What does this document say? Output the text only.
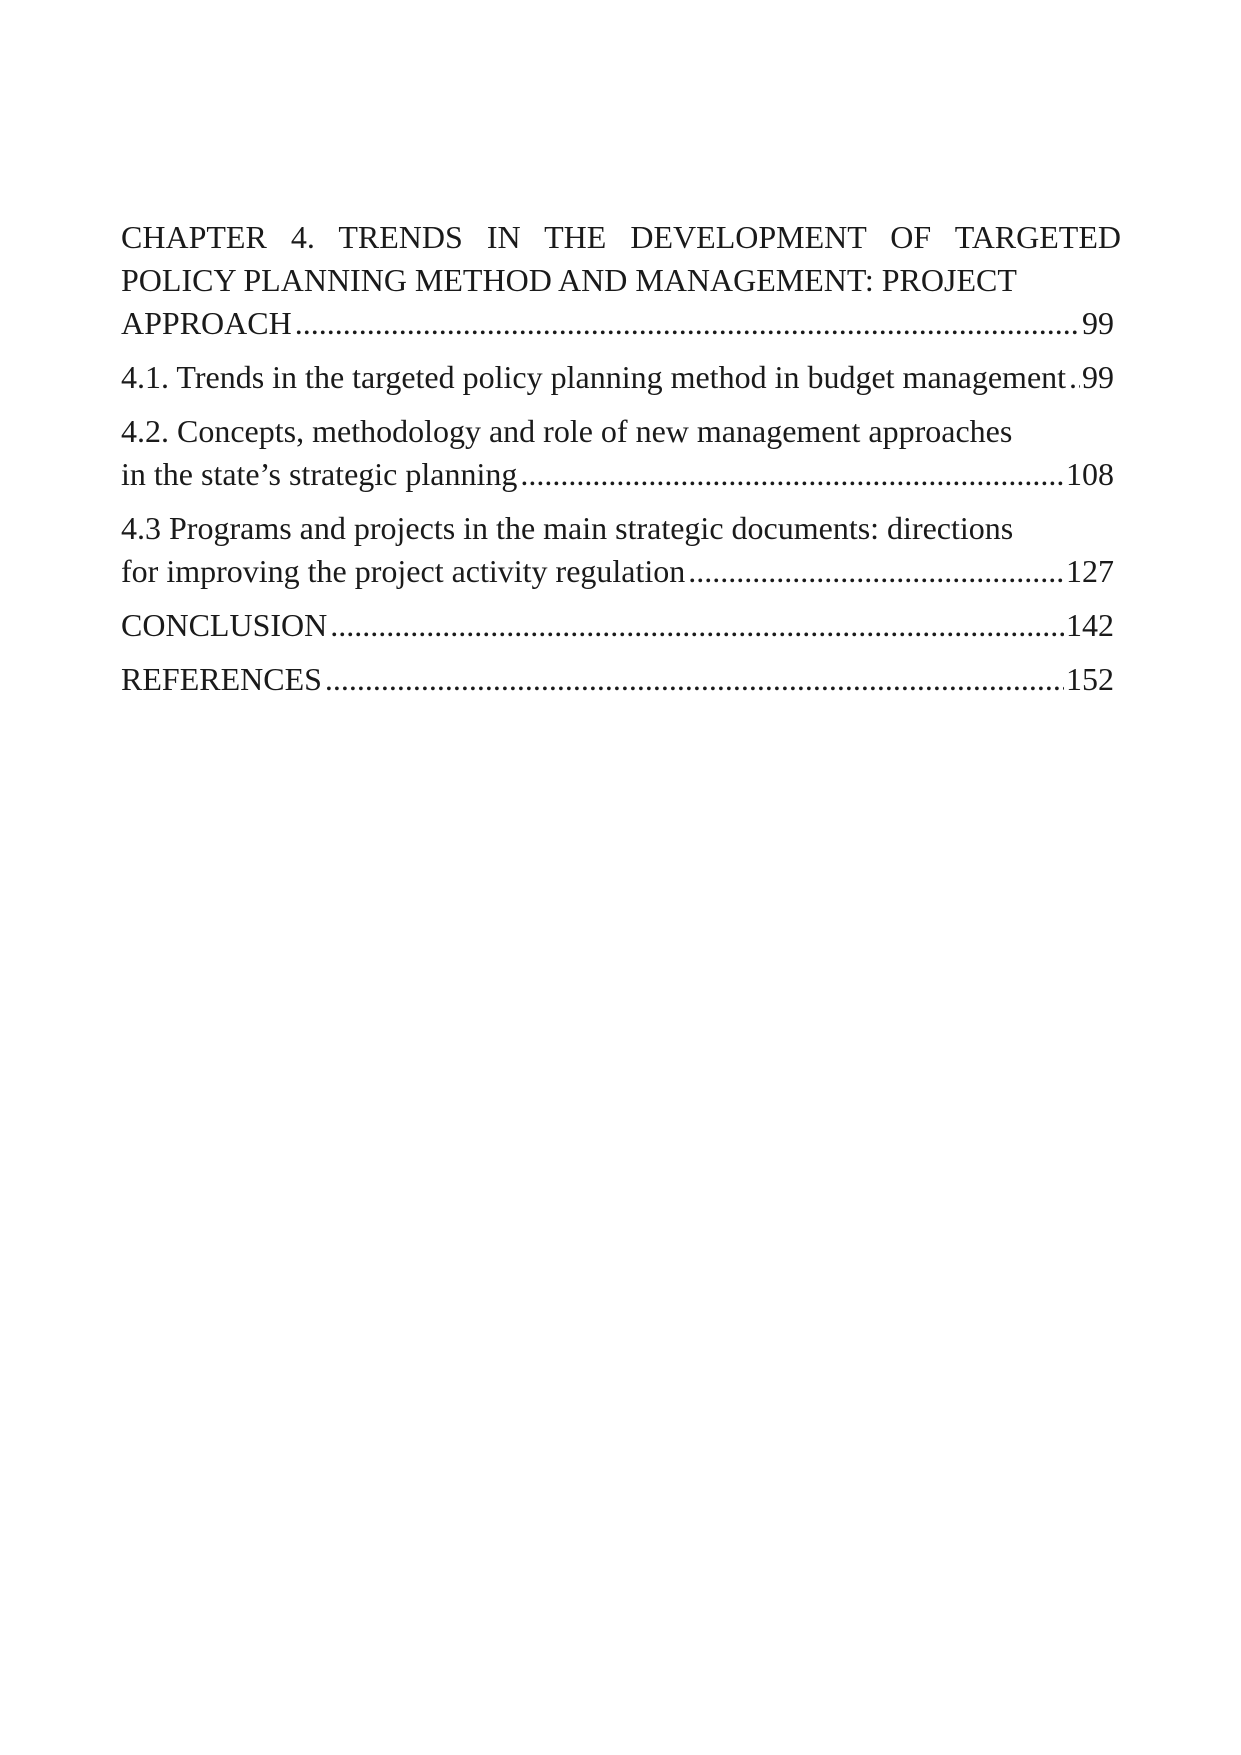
CHAPTER 4. TRENDS IN THE DEVELOPMENT OF TARGETED POLICY PLANNING METHOD AND MANAGEMENT: PROJECT
APPROACH .....	99
4.1. Trends in the targeted policy planning method in budget management ..... 99
4.2. Concepts, methodology and role of new management approaches
in the state’s strategic planning .....	108
4.3 Programs and projects in the main strategic documents: directions
for improving the project activity regulation .....	127
CONCLUSION .....	142
REFERENCES .....	152
